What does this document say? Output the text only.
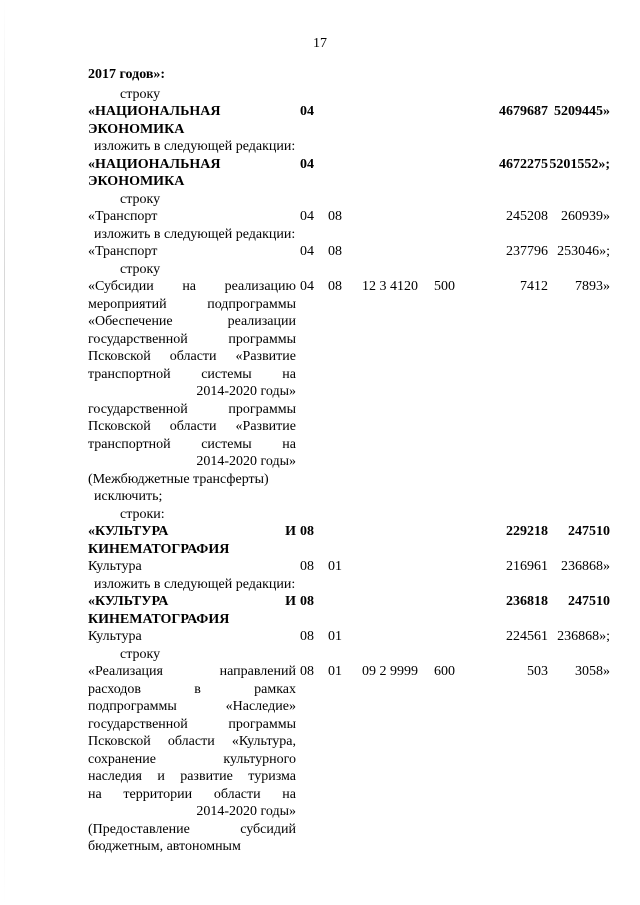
17
2017 годов»:
строку
«НАЦИОНАЛЬНАЯ
ЭКОНОМИКА
04	4679687 5209445»
изложить в следующей редакции:
«НАЦИОНАЛЬНАЯ
ЭКОНОМИКА
04	4672275 5201552»;
строку
«Транспорт	04	08	245208 260939»
изложить в следующей редакции:
«Транспорт	04	08	237796 253046»;
строку
«Субсидии на реализацию
мероприятий подпрограммы
«Обеспечение реализации
государственной программы
Псковской области «Развитие
транспортной системы на
2014-2020 годы»
государственной программы
Псковской области «Развитие
транспортной системы на
2014-2020 годы»
(Межбюджетные трансферты)
04	08	12 3 4120	500	7412	7893»
исключить;
строки:
«КУЛЬТУРА И
КИНЕМАТОГРАФИЯ
08	229218	247510
Культура	08	01	216961 236868»
изложить в следующей редакции:
«КУЛЬТУРА И
КИНЕМАТОГРАФИЯ
08	236818	247510
Культура	08	01	224561 236868»;
строку
«Реализация направлений
расходов в рамках
подпрограммы «Наследие»
государственной программы
Псковской области «Культура,
сохранение культурного
наследия и развитие туризма
на территории области на
2014-2020 годы»
(Предоставление субсидий
бюджетным, автономным
08	01	09 2 9999	600	503	3058»
